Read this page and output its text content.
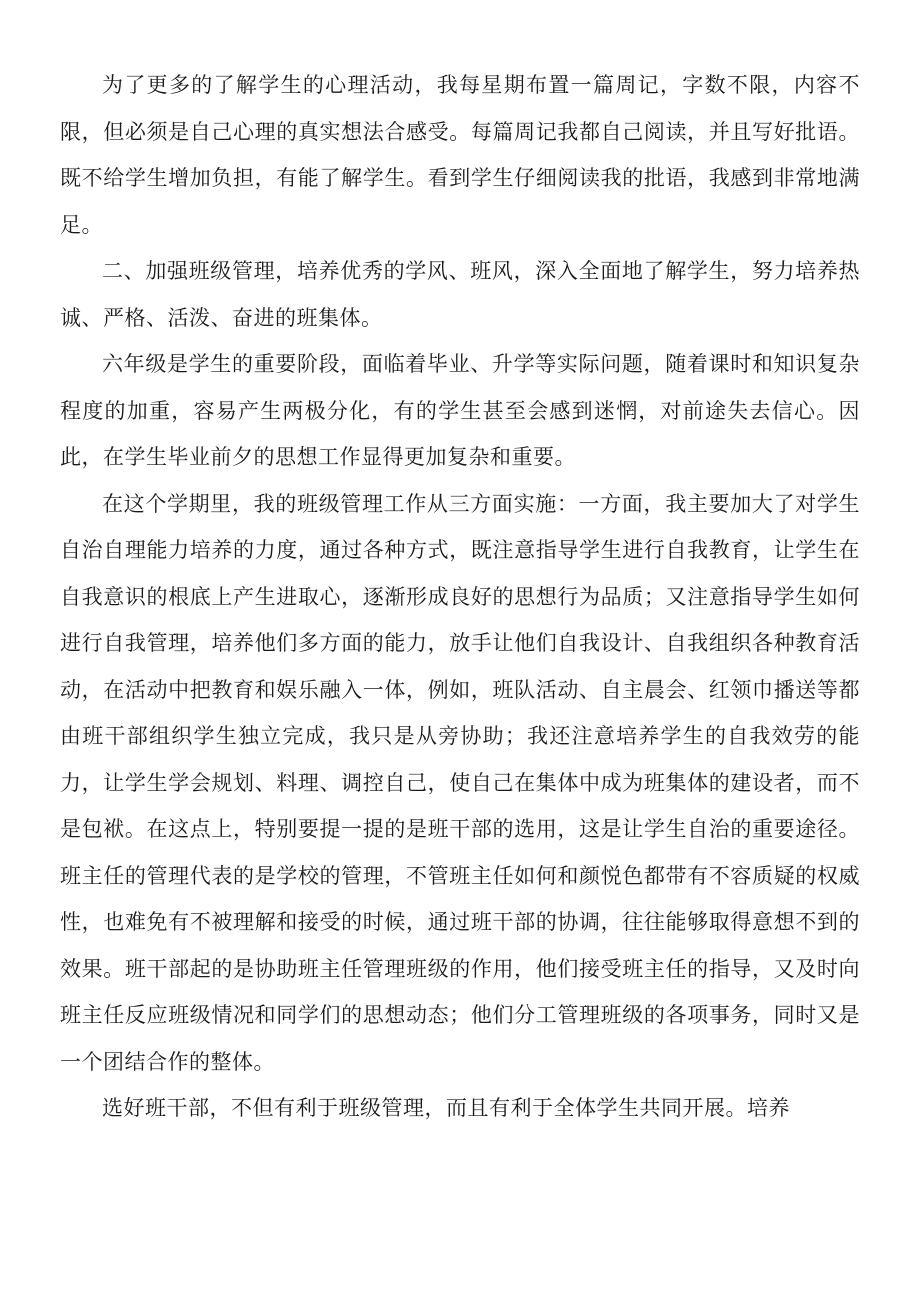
为了更多的了解学生的心理活动，我每星期布置一篇周记，字数不限，内容不限，但必须是自己心理的真实想法合感受。每篇周记我都自己阅读，并且写好批语。既不给学生增加负担，有能了解学生。看到学生仔细阅读我的批语，我感到非常地满足。

二、加强班级管理，培养优秀的学风、班风，深入全面地了解学生，努力培养热诚、严格、活泼、奋进的班集体。

六年级是学生的重要阶段，面临着毕业、升学等实际问题，随着课时和知识复杂程度的加重，容易产生两极分化，有的学生甚至会感到迷惘，对前途失去信心。因此，在学生毕业前夕的思想工作显得更加复杂和重要。

在这个学期里，我的班级管理工作从三方面实施：一方面，我主要加大了对学生自治自理能力培养的力度，通过各种方式，既注意指导学生进行自我教育，让学生在自我意识的根底上产生进取心，逐渐形成良好的思想行为品质；又注意指导学生如何进行自我管理，培养他们多方面的能力，放手让他们自我设计、自我组织各种教育活动，在活动中把教育和娱乐融入一体，例如，班队活动、自主晨会、红领巾播送等都由班干部组织学生独立完成，我只是从旁协助；我还注意培养学生的自我效劳的能力，让学生学会规划、料理、调控自己，使自己在集体中成为班集体的建设者，而不是包袱。在这点上，特别要提一提的是班干部的选用，这是让学生自治的重要途径。班主任的管理代表的是学校的管理，不管班主任如何和颜悦色都带有不容质疑的权威性，也难免有不被理解和接受的时候，通过班干部的协调，往往能够取得意想不到的效果。班干部起的是协助班主任管理班级的作用，他们接受班主任的指导，又及时向班主任反应班级情况和同学们的思想动态；他们分工管理班级的各项事务，同时又是一个团结合作的整体。

选好班干部，不但有利于班级管理，而且有利于全体学生共同开展。培养
